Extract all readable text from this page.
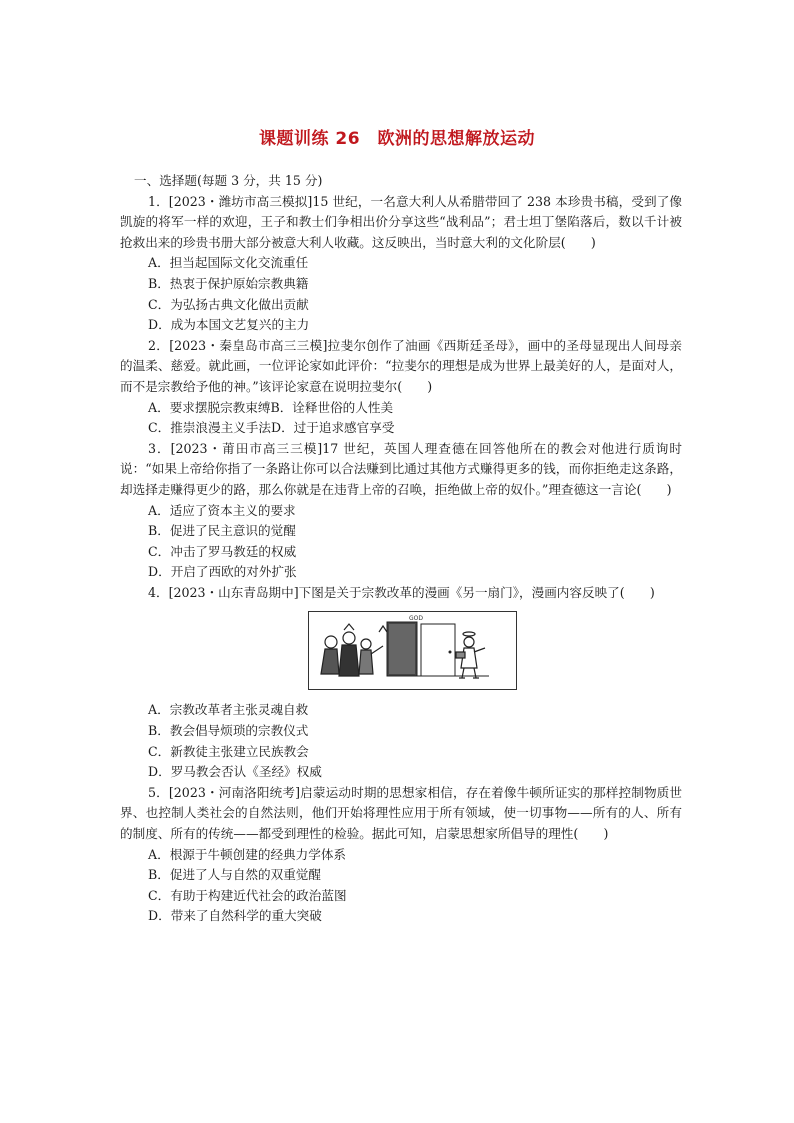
课题训练 26　欧洲的思想解放运动

一、选择题(每题 3 分，共 15 分)

1．[2023・潍坊市高三模拟]15 世纪，一名意大利人从希腊带回了 238 本珍贵书稿，受到了像凯旋的将军一样的欢迎，王子和教士们争相出价分享这些“战利品”；君士坦丁堡陷落后，数以千计被抢救出来的珍贵书册大部分被意大利人收藏。这反映出，当时意大利的文化阶层(　　)

A．担当起国际文化交流重任

B．热衷于保护原始宗教典籍

C．为弘扬古典文化做出贡献

D．成为本国文艺复兴的主力

2．[2023・秦皇岛市高三三模]拉斐尔创作了油画《西斯廷圣母》，画中的圣母显现出人间母亲的温柔、慈爱。就此画，一位评论家如此评价：“拉斐尔的理想是成为世界上最美好的人，是面对人，而不是宗教给予他的神。”该评论家意在说明拉斐尔(　　)

A．要求摆脱宗教束缚B．诠释世俗的人性美

C．推崇浪漫主义手法D．过于追求感官享受

3．[2023・莆田市高三三模]17 世纪，英国人理查德在回答他所在的教会对他进行质询时说：“如果上帝给你指了一条路让你可以合法赚到比通过其他方式赚得更多的钱，而你拒绝走这条路，却选择走赚得更少的路，那么你就是在违背上帝的召唤，拒绝做上帝的奴仆。”理查德这一言论(　　)

A．适应了资本主义的要求

B．促进了民主意识的觉醒

C．冲击了罗马教廷的权威

D．开启了西欧的对外扩张

4．[2023・山东青岛期中]下图是关于宗教改革的漫画《另一扇门》，漫画内容反映了(　　)

GOD

A．宗教改革者主张灵魂自救

B．教会倡导烦琐的宗教仪式

C．新教徒主张建立民族教会

D．罗马教会否认《圣经》权威

5．[2023・河南洛阳统考]启蒙运动时期的思想家相信，存在着像牛顿所证实的那样控制物质世界、也控制人类社会的自然法则，他们开始将理性应用于所有领域，使一切事物——所有的人、所有的制度、所有的传统——都受到理性的检验。据此可知，启蒙思想家所倡导的理性(　　)

A．根源于牛顿创建的经典力学体系

B．促进了人与自然的双重觉醒

C．有助于构建近代社会的政治蓝图

D．带来了自然科学的重大突破
